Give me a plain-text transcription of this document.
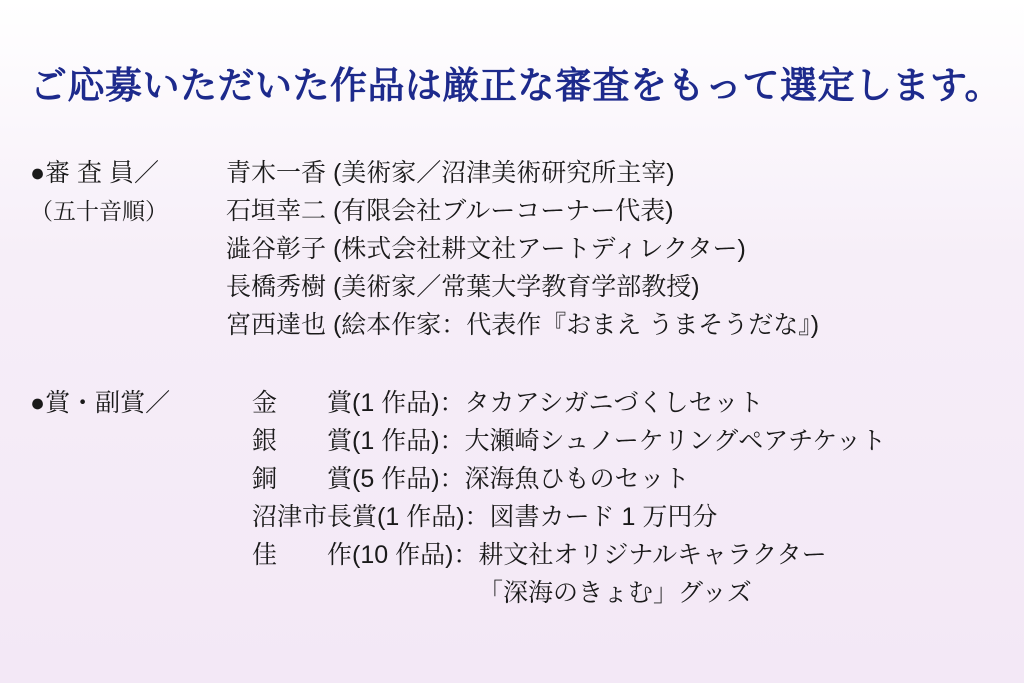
ご応募いただいた作品は厳正な審査をもって選定します。
●審 査 員／	青木一香 (美術家／沼津美術研究所主宰)
（五十音順）	石垣幸二 (有限会社ブルーコーナー代表)
澁谷彰子 (株式会社耕文社アートディレクター)
長橋秀樹 (美術家／常葉大学教育学部教授)
宮西達也 (絵本作家：代表作『おまえ うまそうだな』)
●賞・副賞／	金　　賞 (1 作品) ：タカアシガニづくしセット
銀　　賞 (1 作品) ：大瀬崎シュノーケリングペアチケット
銅　　賞 (5 作品) ：深海魚ひものセット
沼津市長賞 (1 作品) ：図書カード 1 万円分
佳　　作 (10 作品) ：耕文社オリジナルキャラクター
「深海のきょむ」グッズ
